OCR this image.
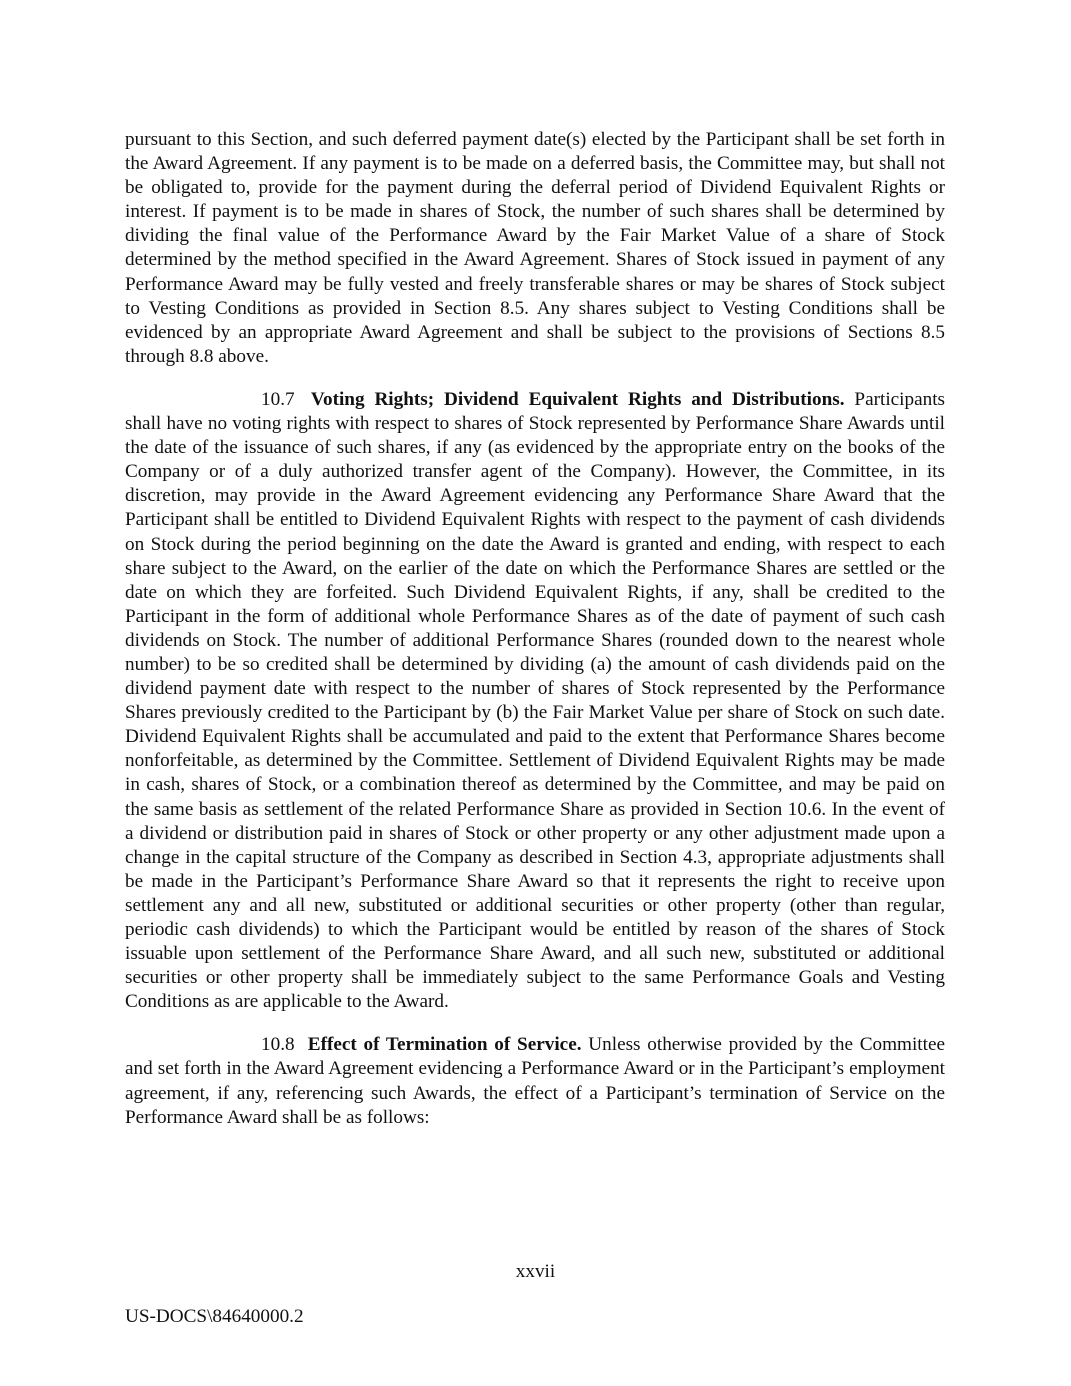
pursuant to this Section, and such deferred payment date(s) elected by the Participant shall be set forth in the Award Agreement. If any payment is to be made on a deferred basis, the Committee may, but shall not be obligated to, provide for the payment during the deferral period of Dividend Equivalent Rights or interest. If payment is to be made in shares of Stock, the number of such shares shall be determined by dividing the final value of the Performance Award by the Fair Market Value of a share of Stock determined by the method specified in the Award Agreement. Shares of Stock issued in payment of any Performance Award may be fully vested and freely transferable shares or may be shares of Stock subject to Vesting Conditions as provided in Section 8.5. Any shares subject to Vesting Conditions shall be evidenced by an appropriate Award Agreement and shall be subject to the provisions of Sections 8.5 through 8.8 above.

10.7 Voting Rights; Dividend Equivalent Rights and Distributions. Participants shall have no voting rights with respect to shares of Stock represented by Performance Share Awards until the date of the issuance of such shares, if any (as evidenced by the appropriate entry on the books of the Company or of a duly authorized transfer agent of the Company). However, the Committee, in its discretion, may provide in the Award Agreement evidencing any Performance Share Award that the Participant shall be entitled to Dividend Equivalent Rights with respect to the payment of cash dividends on Stock during the period beginning on the date the Award is granted and ending, with respect to each share subject to the Award, on the earlier of the date on which the Performance Shares are settled or the date on which they are forfeited. Such Dividend Equivalent Rights, if any, shall be credited to the Participant in the form of additional whole Performance Shares as of the date of payment of such cash dividends on Stock. The number of additional Performance Shares (rounded down to the nearest whole number) to be so credited shall be determined by dividing (a) the amount of cash dividends paid on the dividend payment date with respect to the number of shares of Stock represented by the Performance Shares previously credited to the Participant by (b) the Fair Market Value per share of Stock on such date. Dividend Equivalent Rights shall be accumulated and paid to the extent that Performance Shares become nonforfeitable, as determined by the Committee. Settlement of Dividend Equivalent Rights may be made in cash, shares of Stock, or a combination thereof as determined by the Committee, and may be paid on the same basis as settlement of the related Performance Share as provided in Section 10.6. In the event of a dividend or distribution paid in shares of Stock or other property or any other adjustment made upon a change in the capital structure of the Company as described in Section 4.3, appropriate adjustments shall be made in the Participant’s Performance Share Award so that it represents the right to receive upon settlement any and all new, substituted or additional securities or other property (other than regular, periodic cash dividends) to which the Participant would be entitled by reason of the shares of Stock issuable upon settlement of the Performance Share Award, and all such new, substituted or additional securities or other property shall be immediately subject to the same Performance Goals and Vesting Conditions as are applicable to the Award.

10.8 Effect of Termination of Service. Unless otherwise provided by the Committee and set forth in the Award Agreement evidencing a Performance Award or in the Participant’s employment agreement, if any, referencing such Awards, the effect of a Participant’s termination of Service on the Performance Award shall be as follows:

xxvii
US-DOCS\84640000.2
